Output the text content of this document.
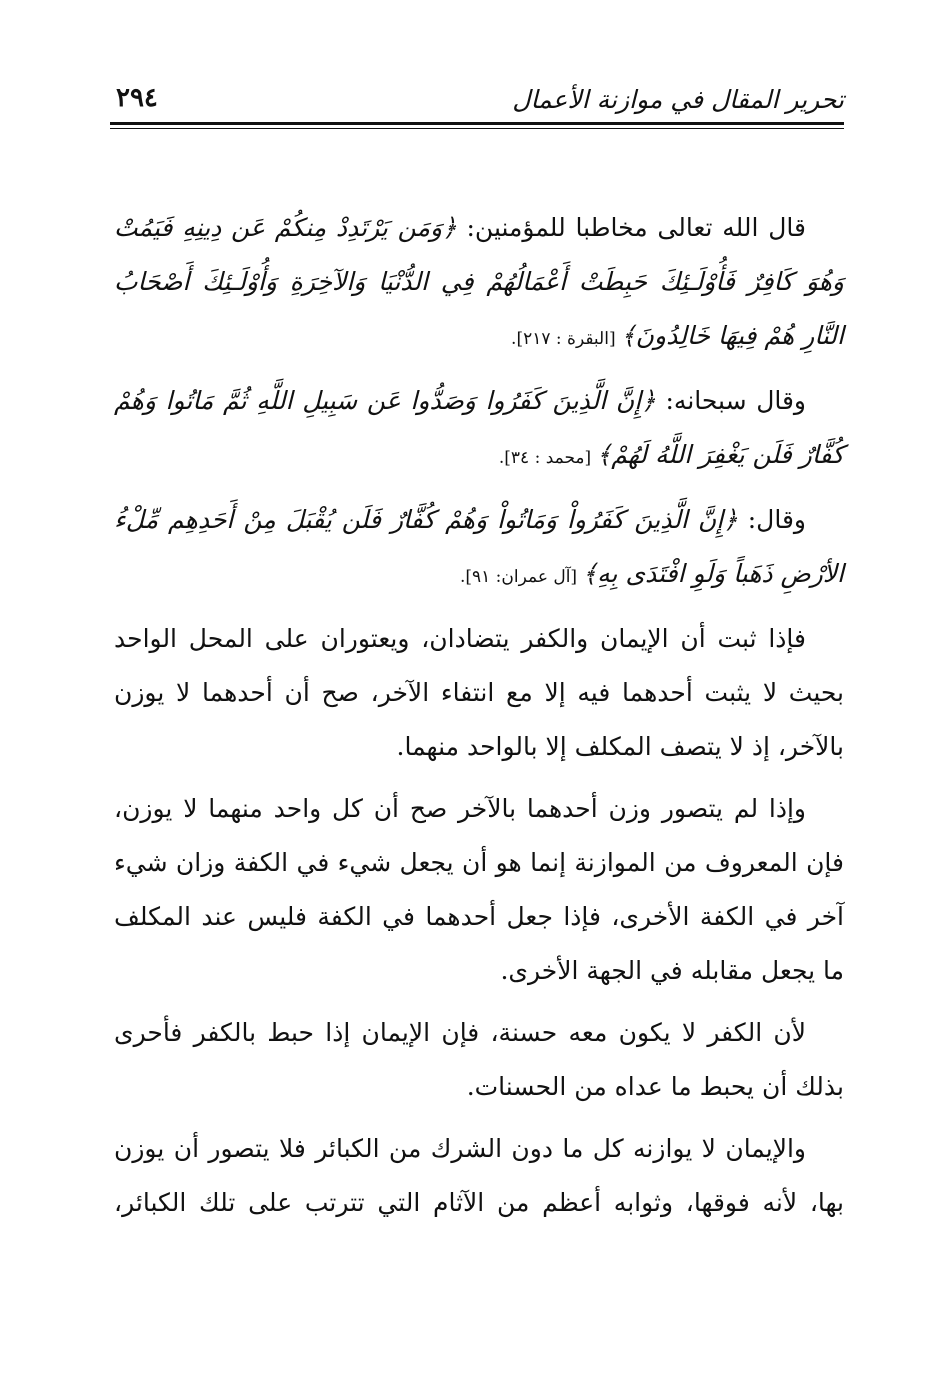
تحرير المقال في موازنة الأعمال
٢٩٤

قال الله تعالى مخاطبا للمؤمنين: ﴿وَمَن يَرْتَدِدْ مِنكُمْ عَن دِينِهِ فَيَمُتْ وَهُوَ كَافِرٌ فَأُوْلَـئِكَ حَبِطَتْ أَعْمَالُهُمْ فِي الدُّنْيَا وَالآخِرَةِ وَأُوْلَـئِكَ أَصْحَابُ النَّارِ هُمْ فِيهَا خَالِدُونَ﴾ [البقرة : ٢١٧].

وقال سبحانه: ﴿إِنَّ الَّذِينَ كَفَرُوا وَصَدُّوا عَن سَبِيلِ اللَّهِ ثُمَّ مَاتُوا وَهُمْ كُفَّارٌ فَلَن يَغْفِرَ اللَّهُ لَهُمْ﴾ [محمد : ٣٤].

وقال: ﴿إِنَّ الَّذِينَ كَفَرُواْ وَمَاتُواْ وَهُمْ كُفَّارٌ فَلَن يُقْبَلَ مِنْ أَحَدِهِم مِّلْءُ الأرْضِ ذَهَباً وَلَوِ افْتَدَى بِهِ﴾ [آل عمران: ٩١].

فإذا ثبت أن الإيمان والكفر يتضادان، ويعتوران على المحل الواحد بحيث لا يثبت أحدهما فيه إلا مع انتفاء الآخر، صح أن أحدهما لا يوزن بالآخر، إذ لا يتصف المكلف إلا بالواحد منهما.

وإذا لم يتصور وزن أحدهما بالآخر صح أن كل واحد منهما لا يوزن، فإن المعروف من الموازنة إنما هو أن يجعل شيء في الكفة وزان شيء آخر في الكفة الأخرى، فإذا جعل أحدهما في الكفة فليس عند المكلف ما يجعل مقابله في الجهة الأخرى.

لأن الكفر لا يكون معه حسنة، فإن الإيمان إذا حبط بالكفر فأحرى بذلك أن يحبط ما عداه من الحسنات.

والإيمان لا يوازنه كل ما دون الشرك من الكبائر فلا يتصور أن يوزن بها، لأنه فوقها، وثوابه أعظم من الآثام التي تترتب على تلك الكبائر،
